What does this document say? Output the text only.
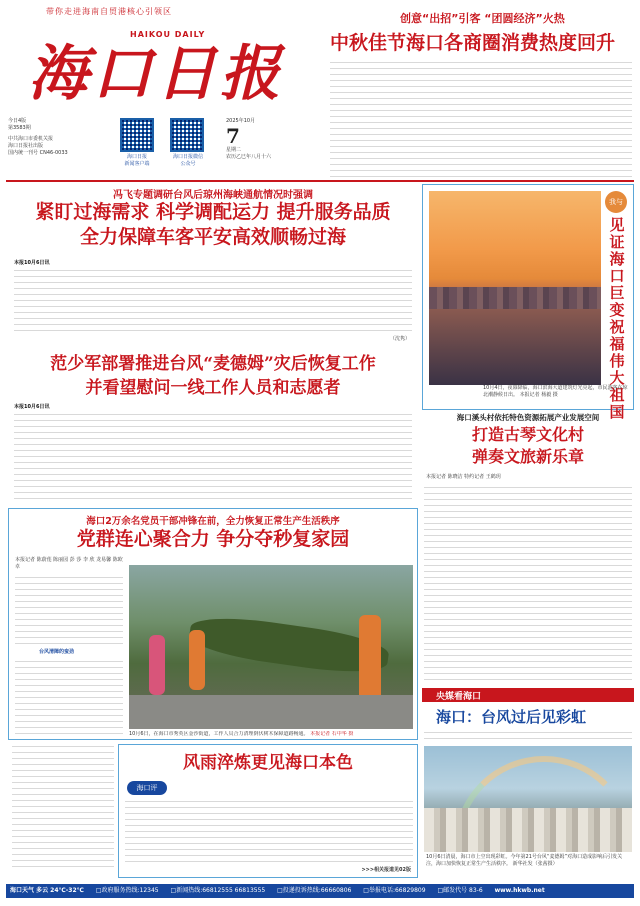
带你走进海南自贸港核心引领区
HAIKOU DAILY
海口日报
今日4版
第3583期
海口日报
新闻客户端
海口日报微信
公众号
2025年10月
7
星期二
农历乙巳年八月十六
中共海口市委机关报
海口日报社出版
国内统一刊号 CN46-0033
创意“出招”引客 “团圆经济”火热
中秋佳节海口各商圈消费热度回升
冯飞专题调研台风后琼州海峡通航情况时强调
紧盯过海需求 科学调配运力 提升服务品质
全力保障车客平安高效顺畅过海
本报10月6日讯
（沈隽）
范少军部署推进台风“麦德姆”灾后恢复工作
并看望慰问一线工作人员和志愿者
本报10月6日讯
海口2万余名党员干部冲锋在前，全力恢复正常生产生活秩序
党群连心聚合力 争分夺秒复家园
本报记者 陈蔚莲 陈丽园 彭 莎 李 欣 龙易馨 陈欧卓
台风清障的蛮劲
10月6日，在海口市秀英区金沙街道，工作人员合力清理倒伏树木保障道路畅通。 本报记者 石中华 摄
风雨淬炼更见海口本色
海口评
>>>相关报道见02版
我与
见证海口巨变 祝福伟大祖国
10月4日，夜幕降临，海口滨海大道建筑灯光亮起，市民游客在琼北潮静候日出。 本报记者 杨毅 摄
海口溪头村依托特色资源拓展产业发展空间
打造古琴文化村
弹奏文旅新乐章
本报记者 陈晓洁 特约记者 王鹤玥
央媒看海口
海口：台风过后见彩虹
10月6日清晨，海口市上空出现彩虹。今年第21号台风“麦德姆”对海口造成影响后引发关注，海口加快恢复正常生产生活秩序。 新华社发（张茜摄）
海口天气 多云 24℃-32℃ □政府服务热线:12345 □新闻热线:66812555 66813555 □投递投诉热线:66660806 □举报电话:66829809 □邮发代号 83-6 www.hkwb.net
